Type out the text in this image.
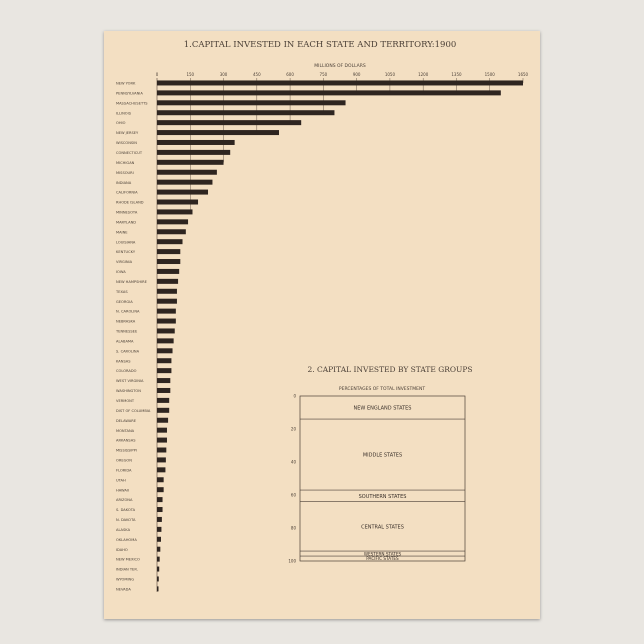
1.CAPITAL INVESTED IN EACH STATE AND TERRITORY:1900
MILLIONS OF DOLLARS
0	150	300	450	600	750	900	1050	1200	1350	1500	1650
NEW YORK
PENNSYLVANIA
MASSACHUSETTS
ILLINOIS
OHIO
NEW JERSEY
WISCONSIN
CONNECTICUT
MICHIGAN
MISSOURI
INDIANA
CALIFORNIA
RHODE ISLAND
MINNESOTA
MARYLAND
MAINE
LOUISIANA
KENTUCKY
VIRGINIA
IOWA
NEW HAMPSHIRE
TEXAS
GEORGIA
N. CAROLINA
NEBRASKA
TENNESSEE
ALABAMA
S. CAROLINA
KANSAS
COLORADO
WEST VIRGINIA
WASHINGTON
VERMONT
DIST OF COLUMBIA
DELAWARE
MONTANA
ARKANSAS
MISSISSIPPI
OREGON
FLORIDA
UTAH
HAWAII
ARIZONA
S. DAKOTA
N. DAKOTA
ALASKA
OKLAHOMA
IDAHO
NEW MEXICO
INDIAN TER.
WYOMING
NEVADA
2. CAPITAL INVESTED BY STATE GROUPS
PERCENTAGES OF TOTAL INVESTMENT
0
20
40
60
80
100
NEW ENGLAND STATES
MIDDLE STATES
SOUTHERN STATES
CENTRAL STATES
WESTERN STATES
PACIFIC STATES
